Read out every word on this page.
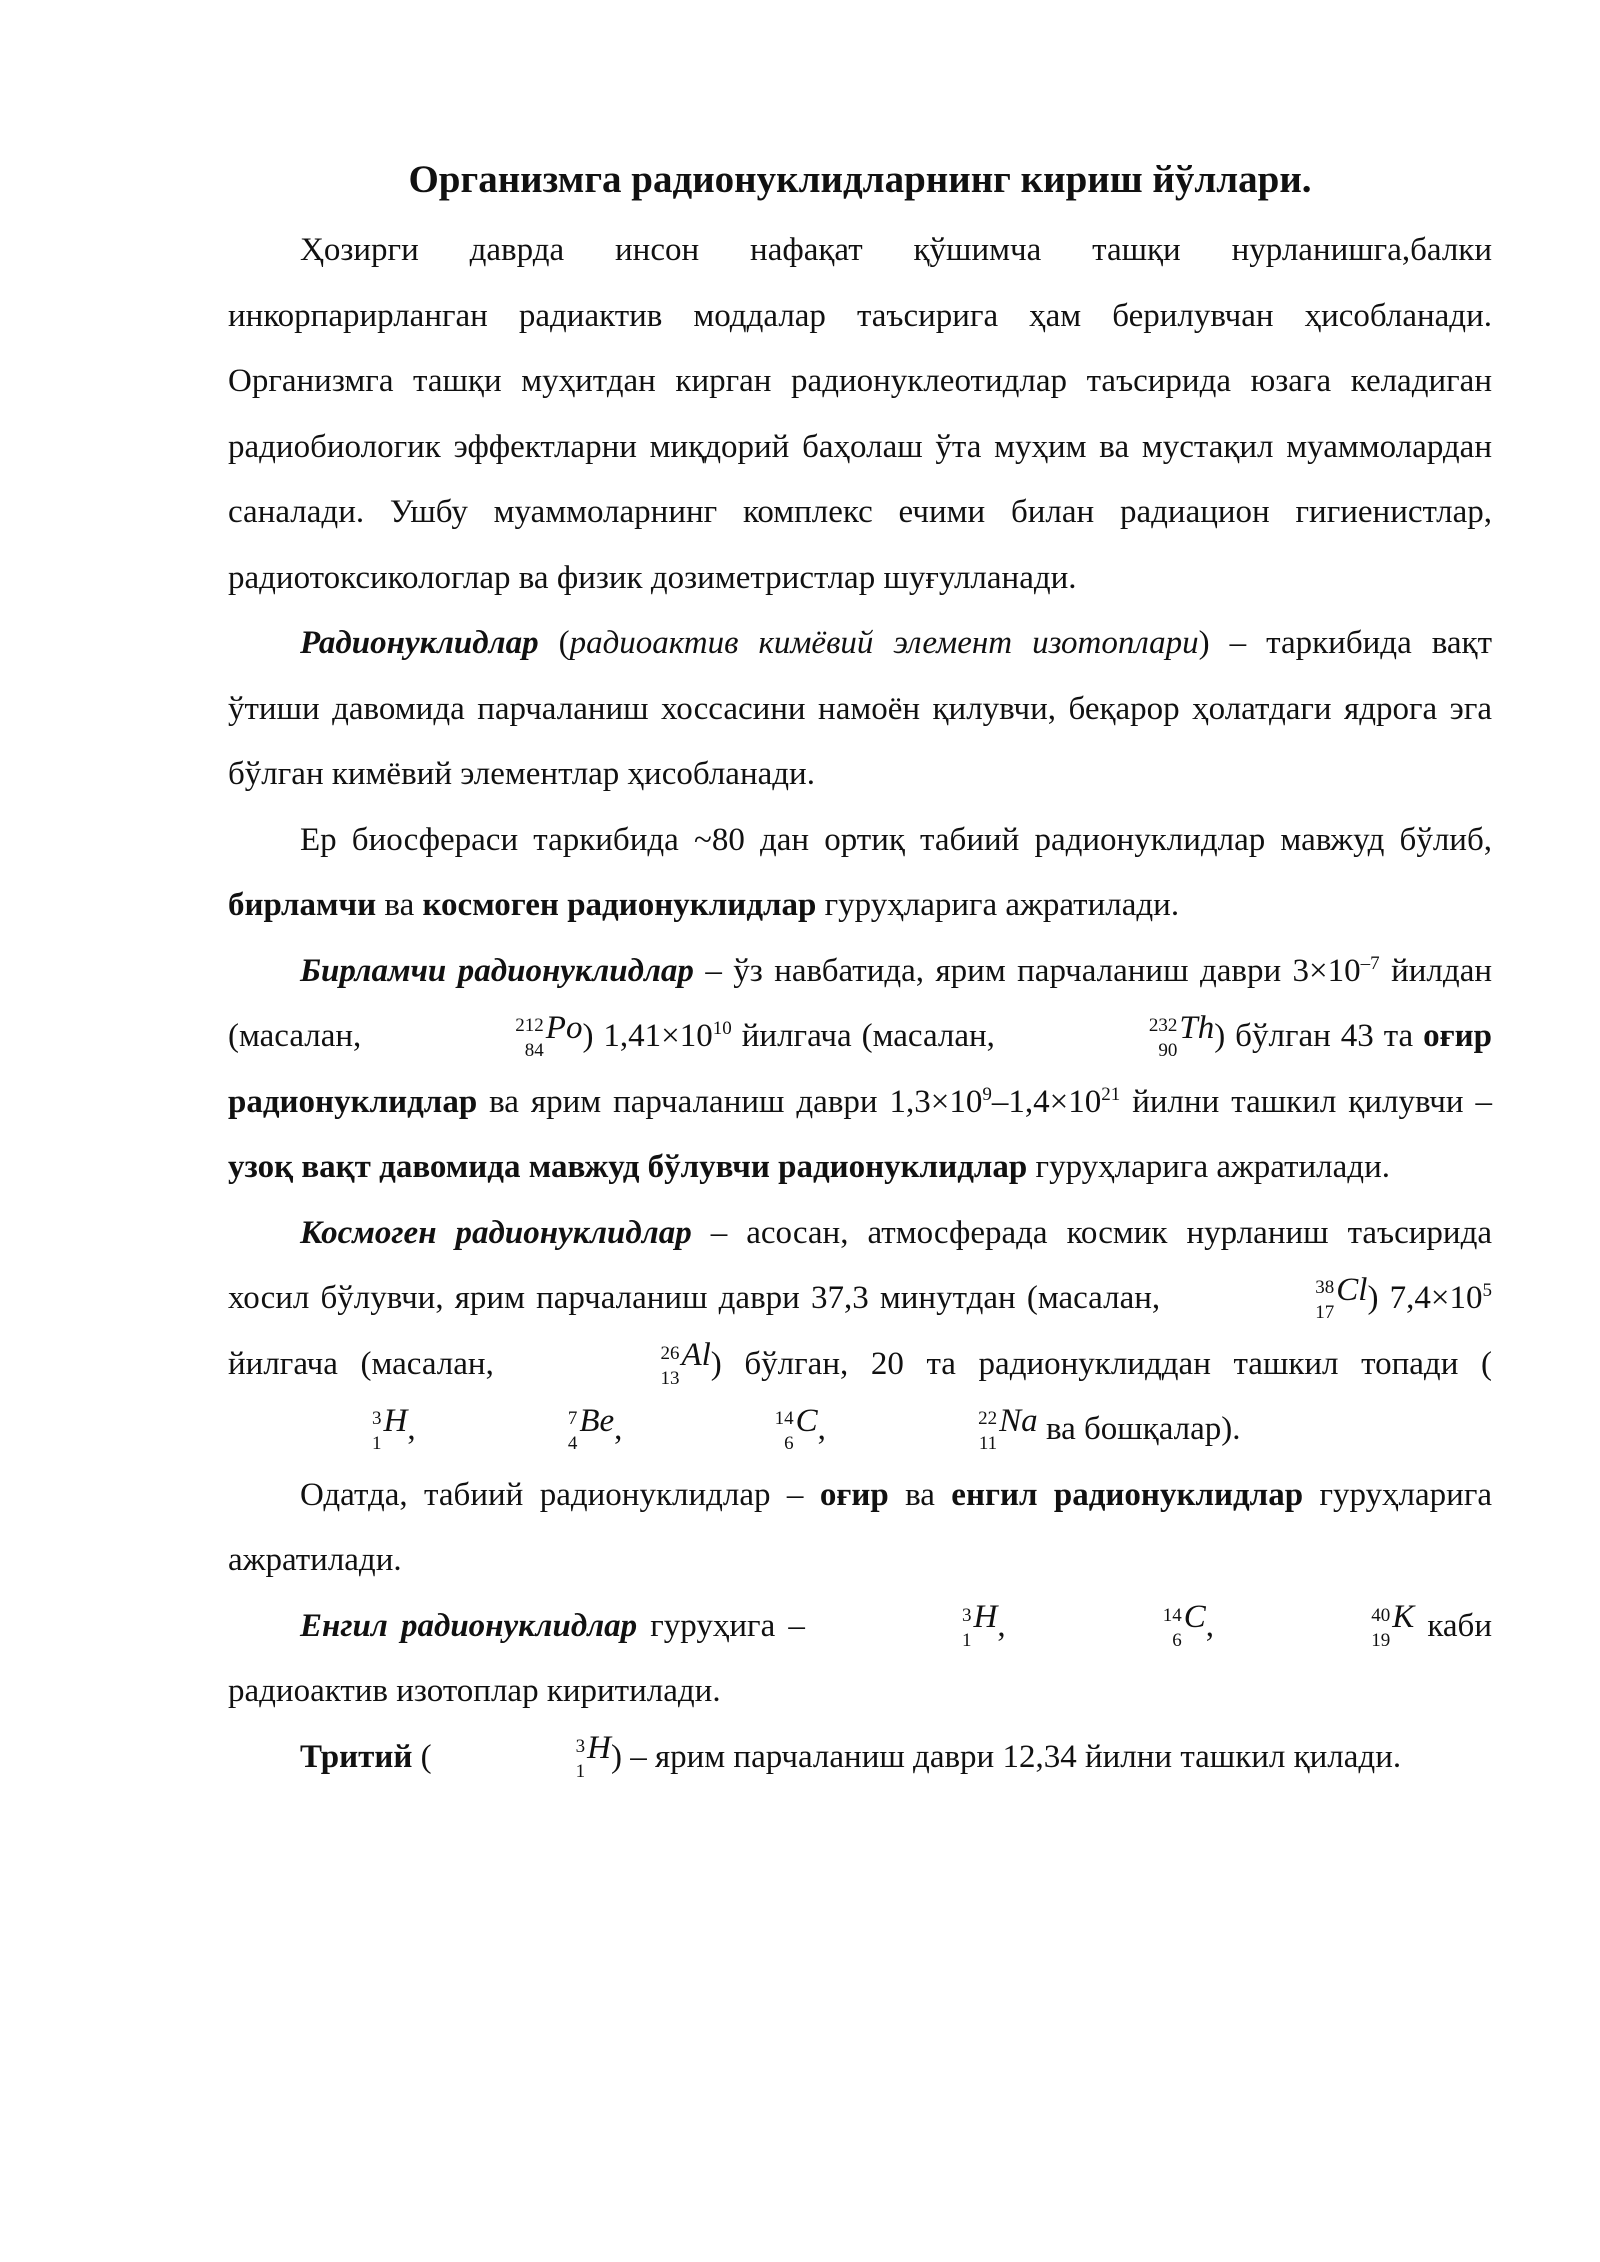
Организмга радионуклидларнинг кириш йўллари.

Ҳозирги даврда инсон нафақат қўшимча ташқи нурланишга,балки инкорпарирланган радиактив моддалар таъсирига ҳам берилувчан ҳисобланади. Организмга ташқи муҳитдан кирган радионуклеотидлар таъсирида юзага келадиган радиобиологик эффектларни миқдорий баҳолаш ўта муҳим ва мустақил муаммолардан саналади. Ушбу муаммоларнинг комплекс ечими билан радиацион гигиенистлар, радиотоксикологлар ва физик дозиметристлар шуғулланади.

Радионуклидлар (радиоактив кимёвий элемент изотоплари) – таркибида вақт ўтиши давомида парчаланиш хоссасини намоён қилувчи, беқарор ҳолатдаги ядрога эга бўлган кимёвий элементлар ҳисобланади.

Ер биосфераси таркибида ~80 дан ортиқ табиий радионуклидлар мавжуд бўлиб, бирламчи ва космоген радионуклидлар гуруҳларига ажратилади.

Бирламчи радионуклидлар – ўз навбатида, ярим парчаланиш даври $3\times 10^{-7}$ йилдан (масалан,	212
84
Po) $1,41\times 10^{10}$ йилгача (масалан,	232
90
Th) бўлган 43 та оғир радионуклидлар ва ярим парчаланиш даври $1,3\times 10^9-1,4\times 10^{21}$ йилни ташкил қилувчи – узоқ вақт давомида мавжуд бўлувчи радионуклидлар гуруҳларига ажратилади.

Космоген радионуклидлар – асосан, атмосферада космик нурланиш таъсирида хосил бўлувчи, ярим парчаланиш даври 37,3 минутдан (масалан,	38
17
Cl) $7,4\times 10^5$ йилгача (масалан,	26
13
Al) бўлган, 20 та радионуклиддан ташкил топади (
3
1
H,	7
4
Be,	14
6
C,	22
11
Na ва бошқалар).

Одатда, табиий радионуклидлар – оғир ва енгил радионуклидлар гуруҳларига ажратилади.

Енгил радионуклидлар гуруҳига –	3
1
H,	14
6
C,	40
19
K каби радиоактив изотоплар киритилади.

Тритий (	3
1
H) – ярим парчаланиш даври 12,34 йилни ташкил қилади.
